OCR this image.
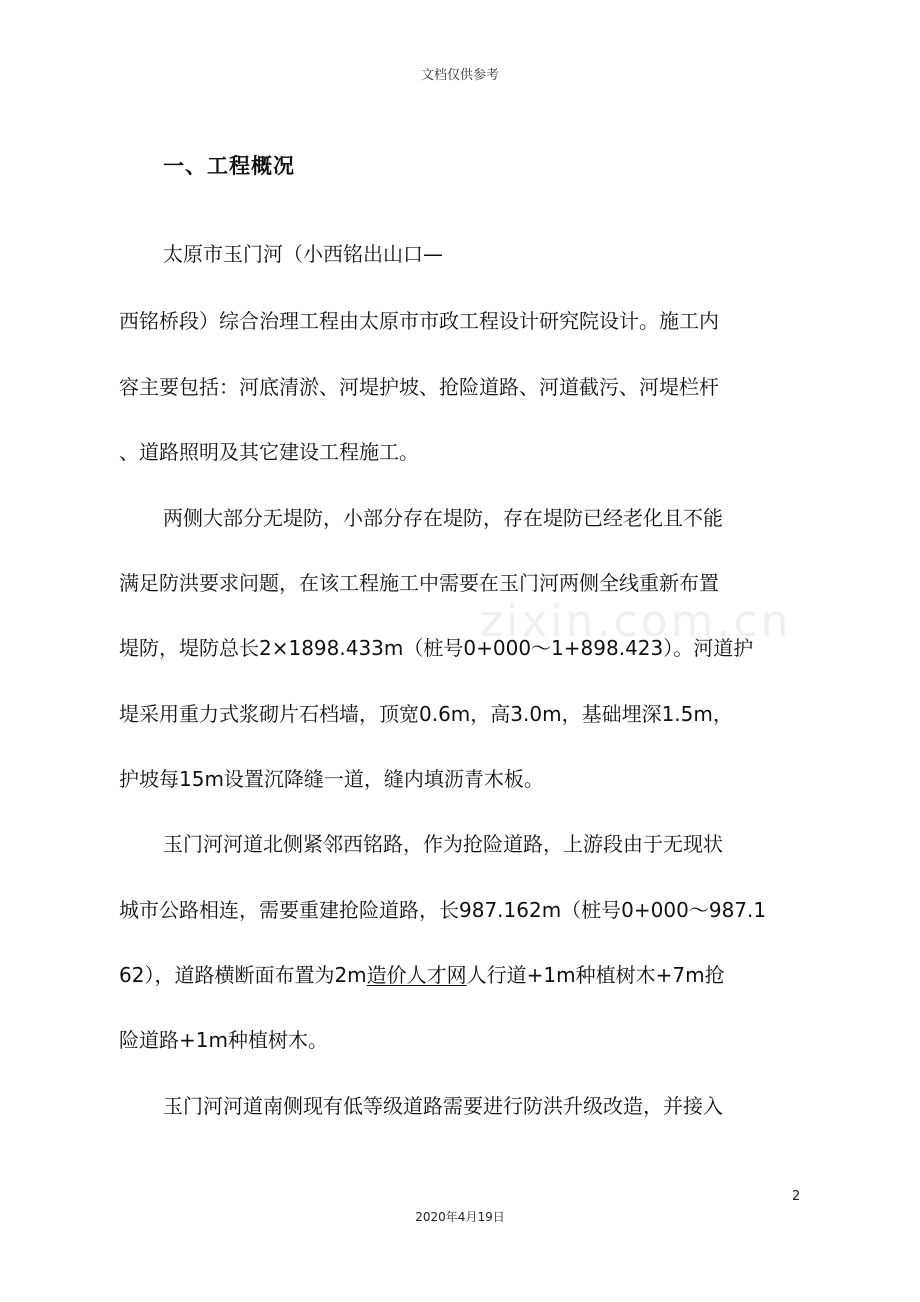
文档仅供参考
zixin.com.cn
一、工程概况
太原市玉门河（小西铭出山口—
西铭桥段）综合治理工程由太原市市政工程设计研究院设计。施工内
容主要包括：河底清淤、河堤护坡、抢险道路、河道截污、河堤栏杆
、道路照明及其它建设工程施工。
两侧大部分无堤防，小部分存在堤防，存在堤防已经老化且不能
满足防洪要求问题，在该工程施工中需要在玉门河两侧全线重新布置
堤防，堤防总长2×1898.433m（桩号0+000～1+898.423）。河道护
堤采用重力式浆砌片石档墙，顶宽0.6m，高3.0m，基础埋深1.5m，
护坡每15m设置沉降缝一道，缝内填沥青木板。
玉门河河道北侧紧邻西铭路，作为抢险道路，上游段由于无现状
城市公路相连，需要重建抢险道路，长987.162m（桩号0+000～987.1
62），道路横断面布置为2m造价人才网人行道+1m种植树木+7m抢
险道路+1m种植树木。
玉门河河道南侧现有低等级道路需要进行防洪升级改造，并接入
2
2020年4月19日
